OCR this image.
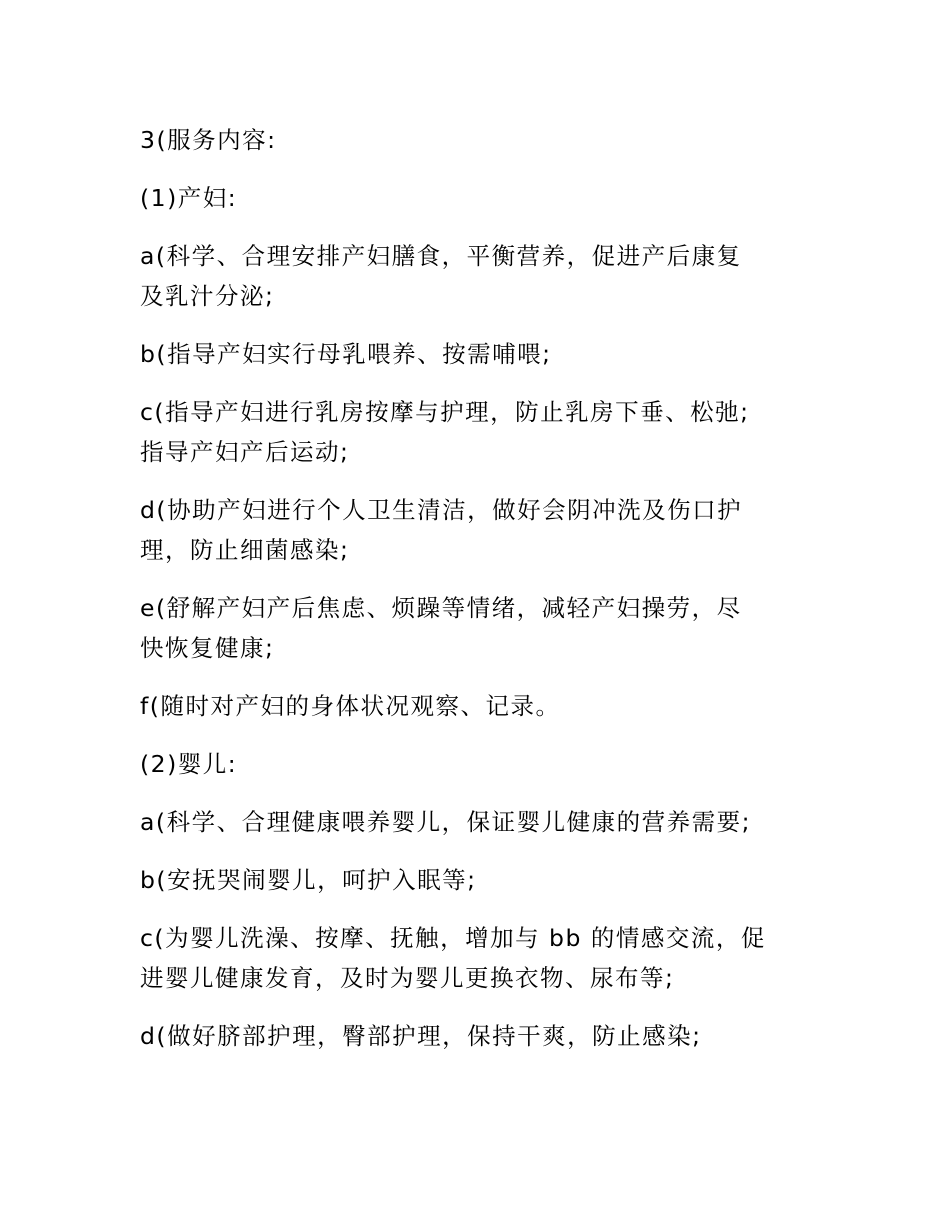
3(服务内容:

(1)产妇:

a(科学、合理安排产妇膳食，平衡营养，促进产后康复
及乳汁分泌;

b(指导产妇实行母乳喂养、按需哺喂;

c(指导产妇进行乳房按摩与护理，防止乳房下垂、松弛;
指导产妇产后运动;

d(协助产妇进行个人卫生清洁，做好会阴冲洗及伤口护
理，防止细菌感染;

e(舒解产妇产后焦虑、烦躁等情绪，减轻产妇操劳，尽
快恢复健康;

f(随时对产妇的身体状况观察、记录。

(2)婴儿:

a(科学、合理健康喂养婴儿，保证婴儿健康的营养需要;

b(安抚哭闹婴儿，呵护入眠等;

c(为婴儿洗澡、按摩、抚触，增加与 bb 的情感交流，促
进婴儿健康发育，及时为婴儿更换衣物、尿布等;

d(做好脐部护理，臀部护理，保持干爽，防止感染;
